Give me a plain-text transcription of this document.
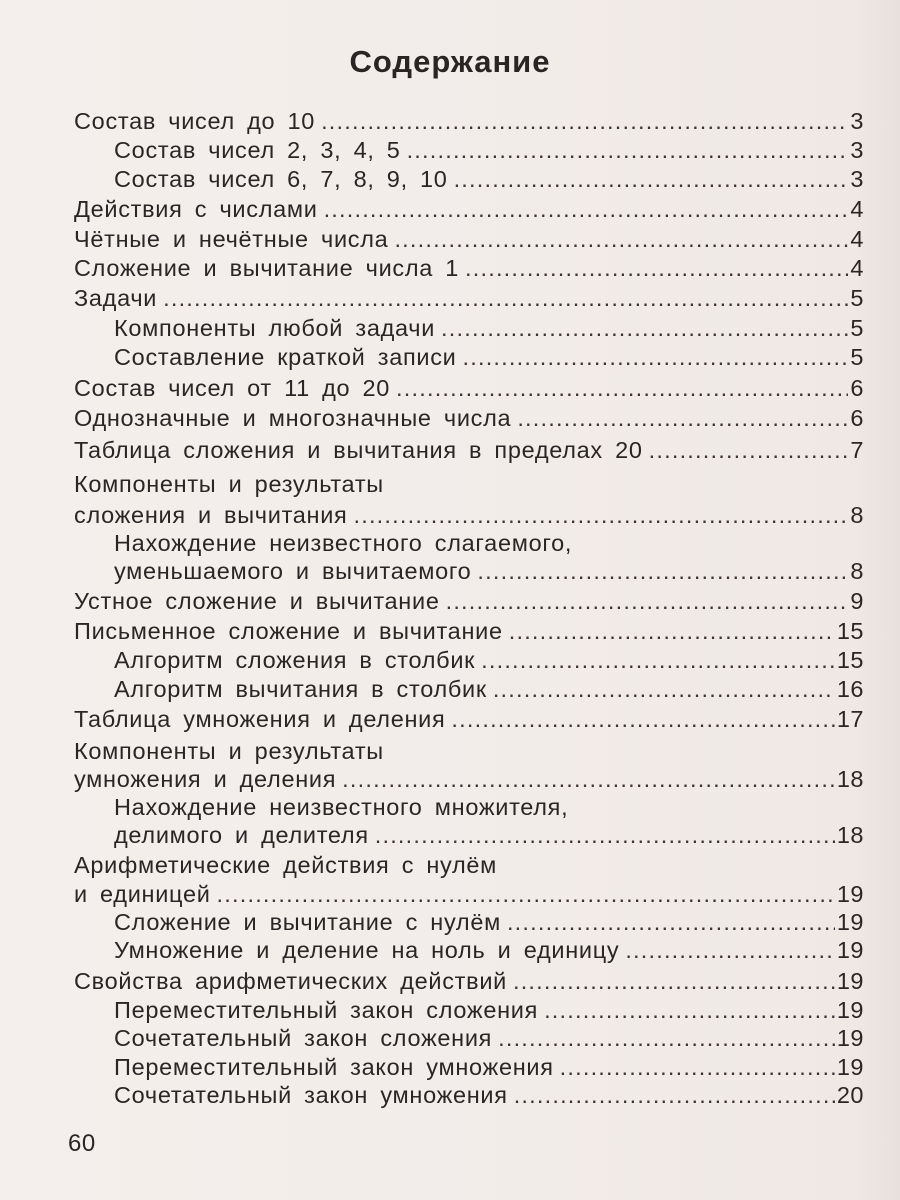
Содержание
Состав чисел до 10 .....	3
Состав чисел 2, 3, 4, 5 .....	3
Состав чисел 6, 7, 8, 9, 10 .....	3
Действия с числами .....	4
Чётные и нечётные числа .....	4
Сложение и вычитание числа 1 .....	4
Задачи .....	5
Компоненты любой задачи .....	5
Составление краткой записи .....	5
Состав чисел от 11 до 20 .....	6
Однозначные и многозначные числа .....	6
Таблица сложения и вычитания в пределах 20 .....	7
Компоненты и результаты
сложения и вычитания .....	8
Нахождение неизвестного слагаемого,
уменьшаемого и вычитаемого .....	8
Устное сложение и вычитание .....	9
Письменное сложение и вычитание .....	15
Алгоритм сложения в столбик .....	15
Алгоритм вычитания в столбик .....	16
Таблица умножения и деления .....	17
Компоненты и результаты
умножения и деления .....	18
Нахождение неизвестного множителя,
делимого и делителя .....	18
Арифметические действия с нулём
и единицей .....	19
Сложение и вычитание с нулём .....	19
Умножение и деление на ноль и единицу .....	19
Свойства арифметических действий .....	19
Переместительный закон сложения .....	19
Сочетательный закон сложения .....	19
Переместительный закон умножения .....	19
Сочетательный закон умножения .....	20
60
